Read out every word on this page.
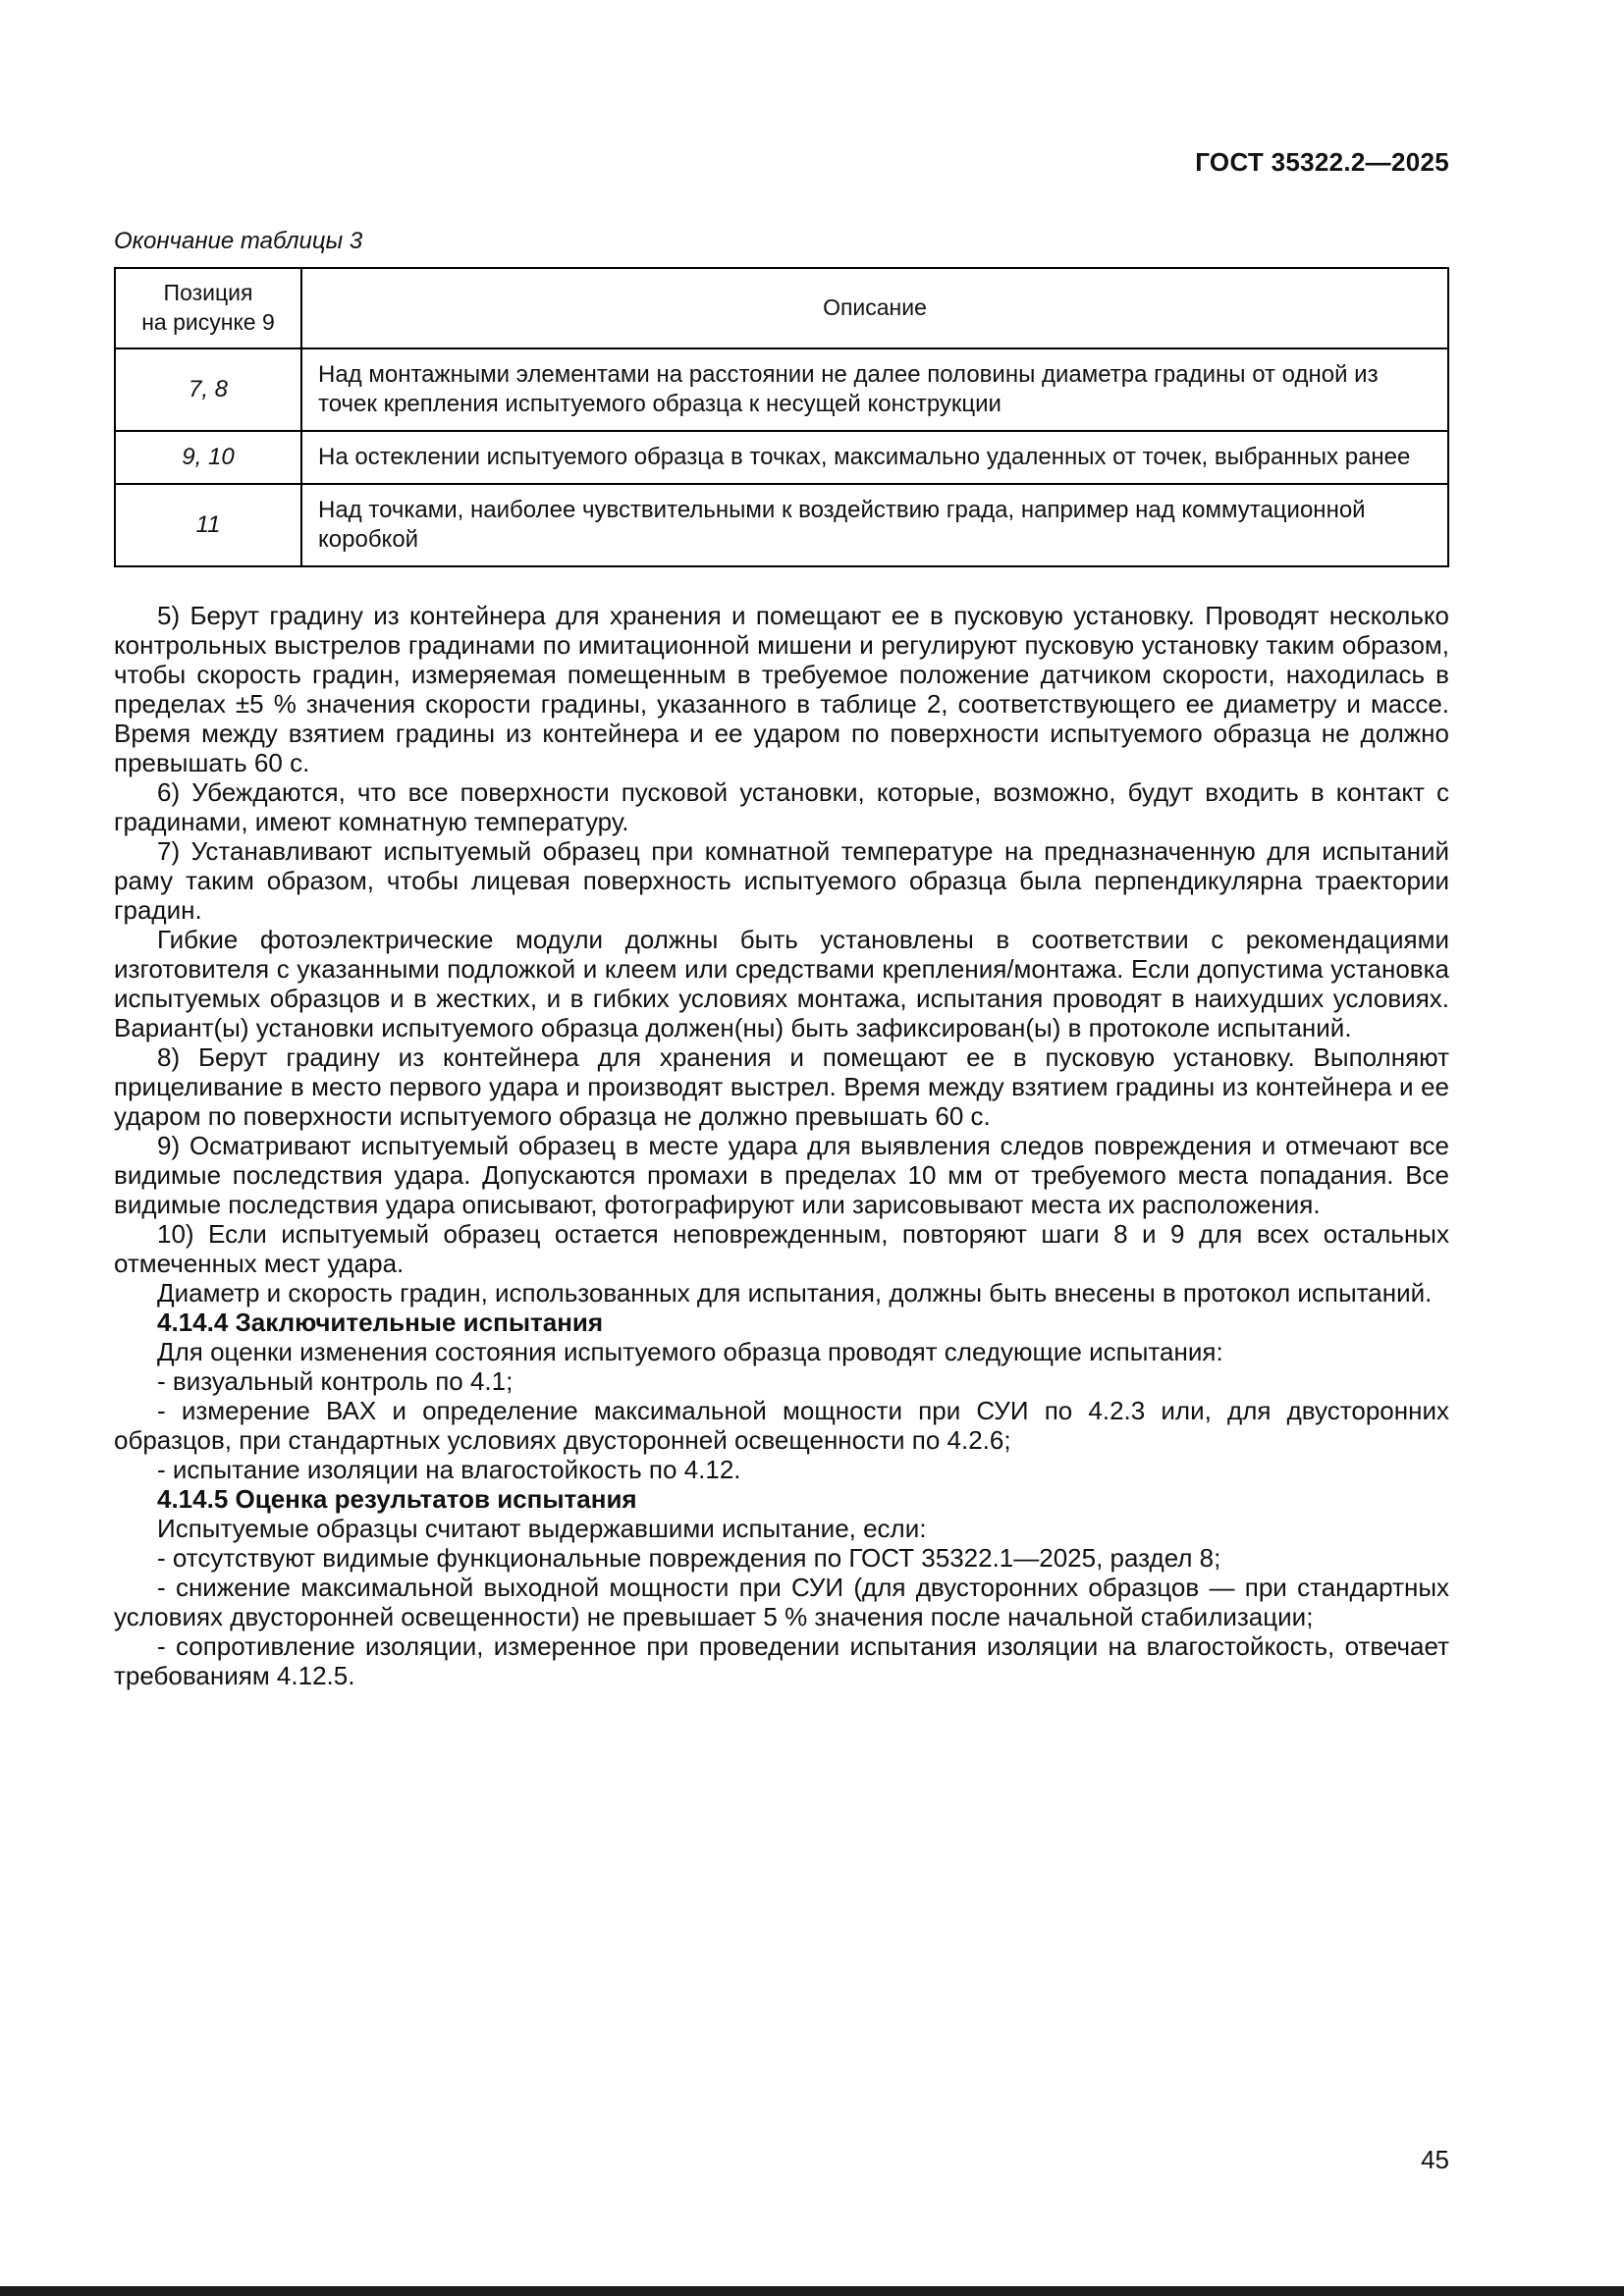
ГОСТ 35322.2—2025
Окончание таблицы 3
Позиция
на рисунке 9	Описание
7, 8	Над монтажными элементами на расстоянии не далее половины диаметра градины от одной из точек крепления испытуемого образца к несущей конструкции
9, 10	На остеклении испытуемого образца в точках, максимально удаленных от точек, выбранных ранее
11	Над точками, наиболее чувствительными к воздействию града, например над коммутационной коробкой

5) Берут градину из контейнера для хранения и помещают ее в пусковую установку. Проводят несколько контрольных выстрелов градинами по имитационной мишени и регулируют пусковую установку таким образом, чтобы скорость градин, измеряемая помещенным в требуемое положение датчиком скорости, находилась в пределах ±5 % значения скорости градины, указанного в таблице 2, соответствующего ее диаметру и массе. Время между взятием градины из контейнера и ее ударом по поверхности испытуемого образца не должно превышать 60 с.

6) Убеждаются, что все поверхности пусковой установки, которые, возможно, будут входить в контакт с градинами, имеют комнатную температуру.

7) Устанавливают испытуемый образец при комнатной температуре на предназначенную для испытаний раму таким образом, чтобы лицевая поверхность испытуемого образца была перпендикулярна траектории градин.

Гибкие фотоэлектрические модули должны быть установлены в соответствии с рекомендациями изготовителя с указанными подложкой и клеем или средствами крепления/монтажа. Если допустима установка испытуемых образцов и в жестких, и в гибких условиях монтажа, испытания проводят в наихудших условиях. Вариант(ы) установки испытуемого образца должен(ны) быть зафиксирован(ы) в протоколе испытаний.

8) Берут градину из контейнера для хранения и помещают ее в пусковую установку. Выполняют прицеливание в место первого удара и производят выстрел. Время между взятием градины из контейнера и ее ударом по поверхности испытуемого образца не должно превышать 60 с.

9) Осматривают испытуемый образец в месте удара для выявления следов повреждения и отмечают все видимые последствия удара. Допускаются промахи в пределах 10 мм от требуемого места попадания. Все видимые последствия удара описывают, фотографируют или зарисовывают места их расположения.

10) Если испытуемый образец остается неповрежденным, повторяют шаги 8 и 9 для всех остальных отмеченных мест удара.

Диаметр и скорость градин, использованных для испытания, должны быть внесены в протокол испытаний.

4.14.4 Заключительные испытания

Для оценки изменения состояния испытуемого образца проводят следующие испытания:

- визуальный контроль по 4.1;

- измерение ВАХ и определение максимальной мощности при СУИ по 4.2.3 или, для двусторонних образцов, при стандартных условиях двусторонней освещенности по 4.2.6;

- испытание изоляции на влагостойкость по 4.12.

4.14.5 Оценка результатов испытания

Испытуемые образцы считают выдержавшими испытание, если:

- отсутствуют видимые функциональные повреждения по ГОСТ 35322.1—2025, раздел 8;

- снижение максимальной выходной мощности при СУИ (для двусторонних образцов — при стандартных условиях двусторонней освещенности) не превышает 5 % значения после начальной стабилизации;

- сопротивление изоляции, измеренное при проведении испытания изоляции на влагостойкость, отвечает требованиям 4.12.5.

45
